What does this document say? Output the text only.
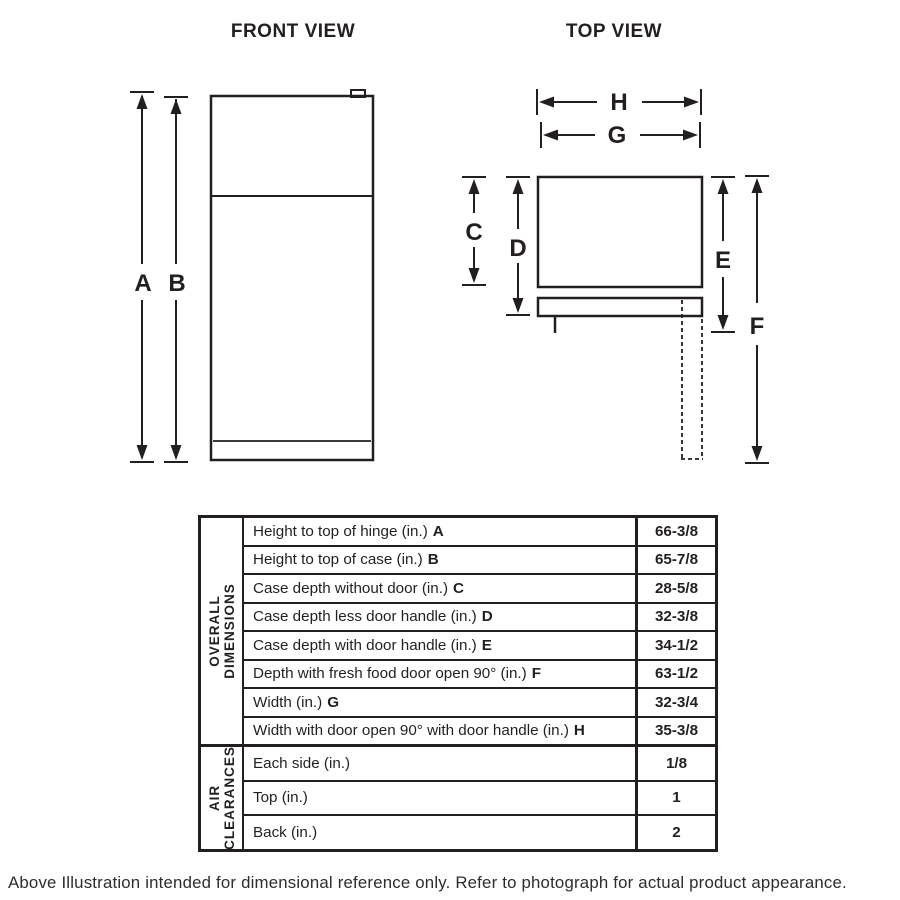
FRONT VIEW
A B
TOP VIEW
H
G
C
D	E
F
OVERALL DIMENSIONS
Height to top of hinge (in.) A	66-3/8
Height to top of case (in.) B	65-7/8
Case depth without door (in.) C	28-5/8
Case depth less door handle (in.) D	32-3/8
Case depth with door handle (in.) E	34-1/2
Depth with fresh food door open 90° (in.) F	63-1/2
Width (in.) G	32-3/4
Width with door open 90° with door handle (in.) H	35-3/8
AIR CLEARANCES Each side (in.)	1/8
Top (in.)	1
Back (in.)	2
Above Illustration intended for dimensional reference only. Refer to photograph for actual product appearance.
